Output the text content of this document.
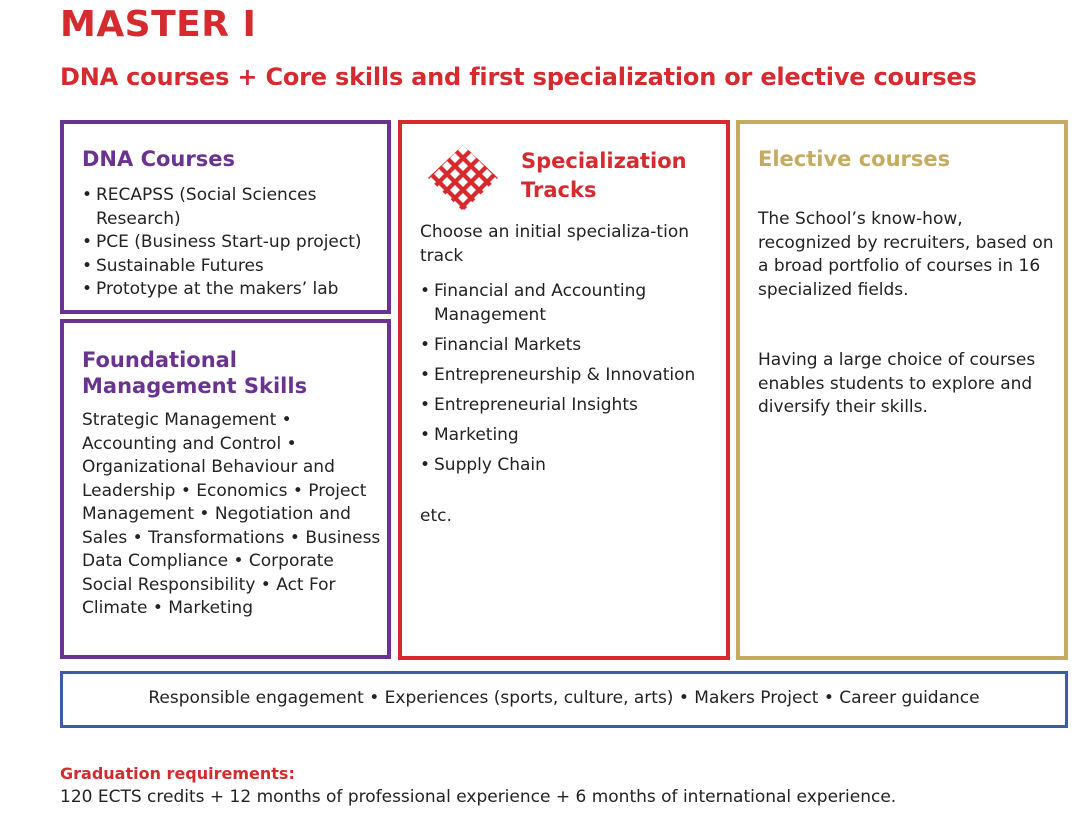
MASTER I
DNA courses + Core skills and first specialization or elective courses
DNA Courses
• RECAPSS (Social Sciences Research)
• PCE (Business Start-up project)
• Sustainable Futures
• Prototype at the makers’ lab
Foundational Management Skills
Strategic Management • Accounting and Control • Organizational Behaviour and Leadership • Economics • Project Management • Negotiation and Sales • Transformations • Business Data Compliance • Corporate Social Responsibility • Act For Climate • Marketing
Specialization Tracks
Choose an initial specializa-tion track
• Financial and Accounting Management
• Financial Markets
• Entrepreneurship & Innovation
• Entrepreneurial Insights
• Marketing
• Supply Chain
etc.
Elective courses
The School’s know-how, recognized by recruiters, based on a broad portfolio of courses in 16 specialized fields.
Having a large choice of courses enables students to explore and diversify their skills.
Responsible engagement • Experiences (sports, culture, arts) • Makers Project • Career guidance
Graduation requirements:
120 ECTS credits + 12 months of professional experience + 6 months of international experience.
